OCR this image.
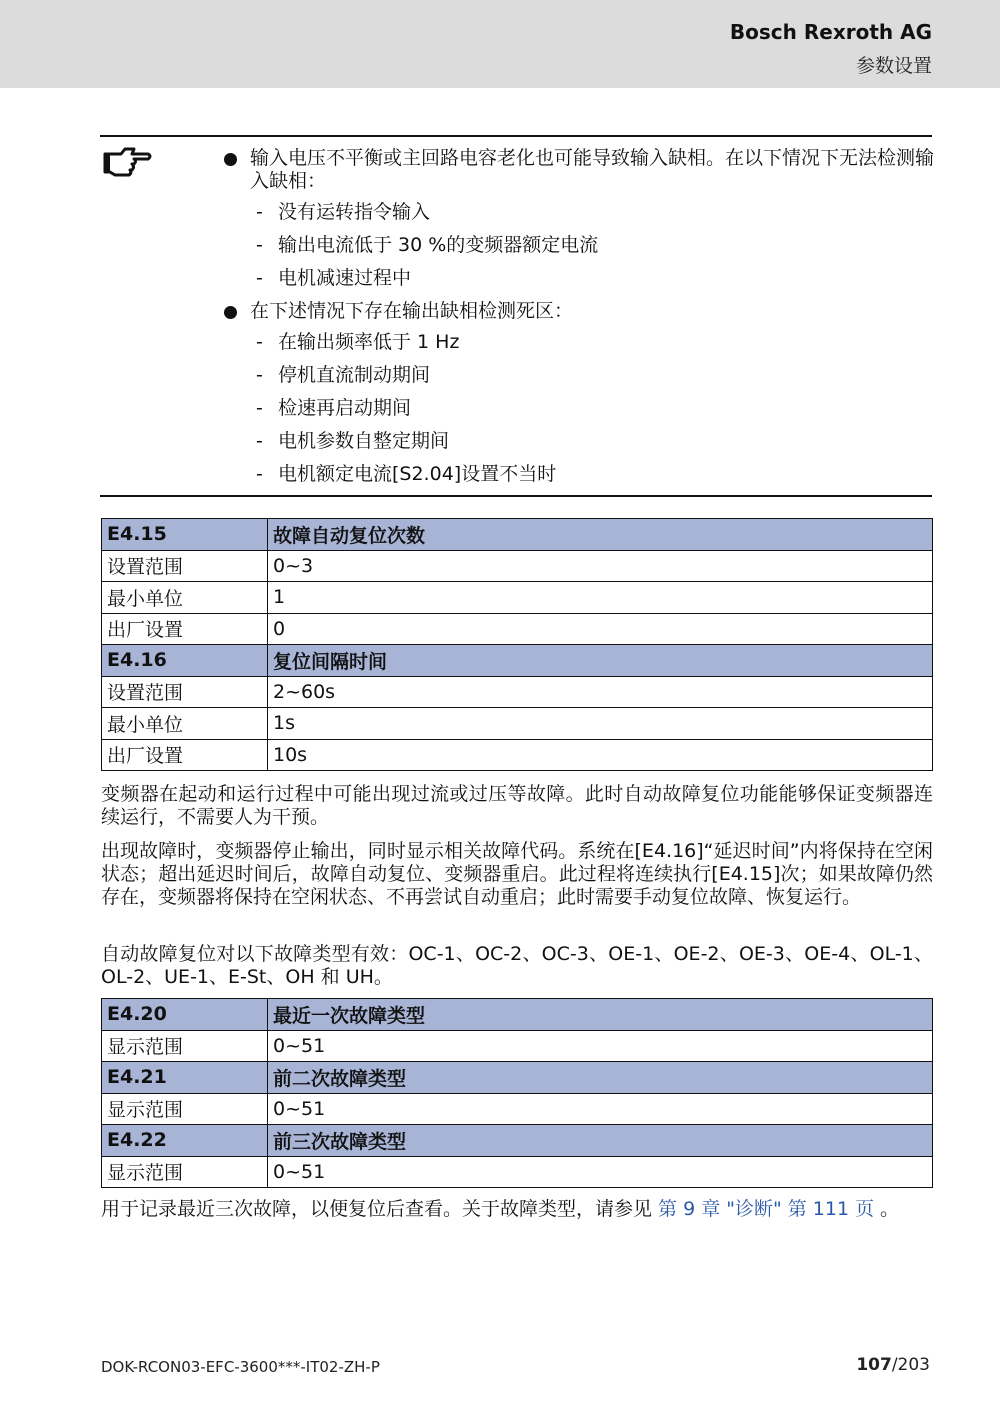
Bosch Rexroth AG
参数设置
输入电压不平衡或主回路电容老化也可能导致输入缺相。在以下情况下无法检测输入缺相：
- 没有运转指令输入
- 输出电流低于 30 %的变频器额定电流
- 电机减速过程中
在下述情况下存在输出缺相检测死区：
- 在输出频率低于 1 Hz
- 停机直流制动期间
- 检速再启动期间
- 电机参数自整定期间
- 电机额定电流[S2.04]设置不当时
E4.15	故障自动复位次数
设置范围	0~3
最小单位	1
出厂设置	0
E4.16	复位间隔时间
设置范围	2~60s
最小单位	1s
出厂设置	10s
变频器在起动和运行过程中可能出现过流或过压等故障。此时自动故障复位功能能够保证变频器连续运行，不需要人为干预。
出现故障时，变频器停止输出，同时显示相关故障代码。系统在[E4.16]“延迟时间”内将保持在空闲状态；超出延迟时间后，故障自动复位、变频器重启。此过程将连续执行[E4.15]次；如果故障仍然存在，变频器将保持在空闲状态、不再尝试自动重启；此时需要手动复位故障、恢复运行。
自动故障复位对以下故障类型有效：OC-1、OC-2、OC-3、OE-1、OE-2、OE-3、OE-4、OL-1、OL-2、UE-1、E-St、OH 和 UH。
E4.20	最近一次故障类型
显示范围	0~51
E4.21	前二次故障类型
显示范围	0~51
E4.22	前三次故障类型
显示范围	0~51
用于记录最近三次故障，以便复位后查看。关于故障类型，请参见 第 9 章 "诊断" 第 111 页 。
DOK-RCON03-EFC-3600***-IT02-ZH-P	107/203
